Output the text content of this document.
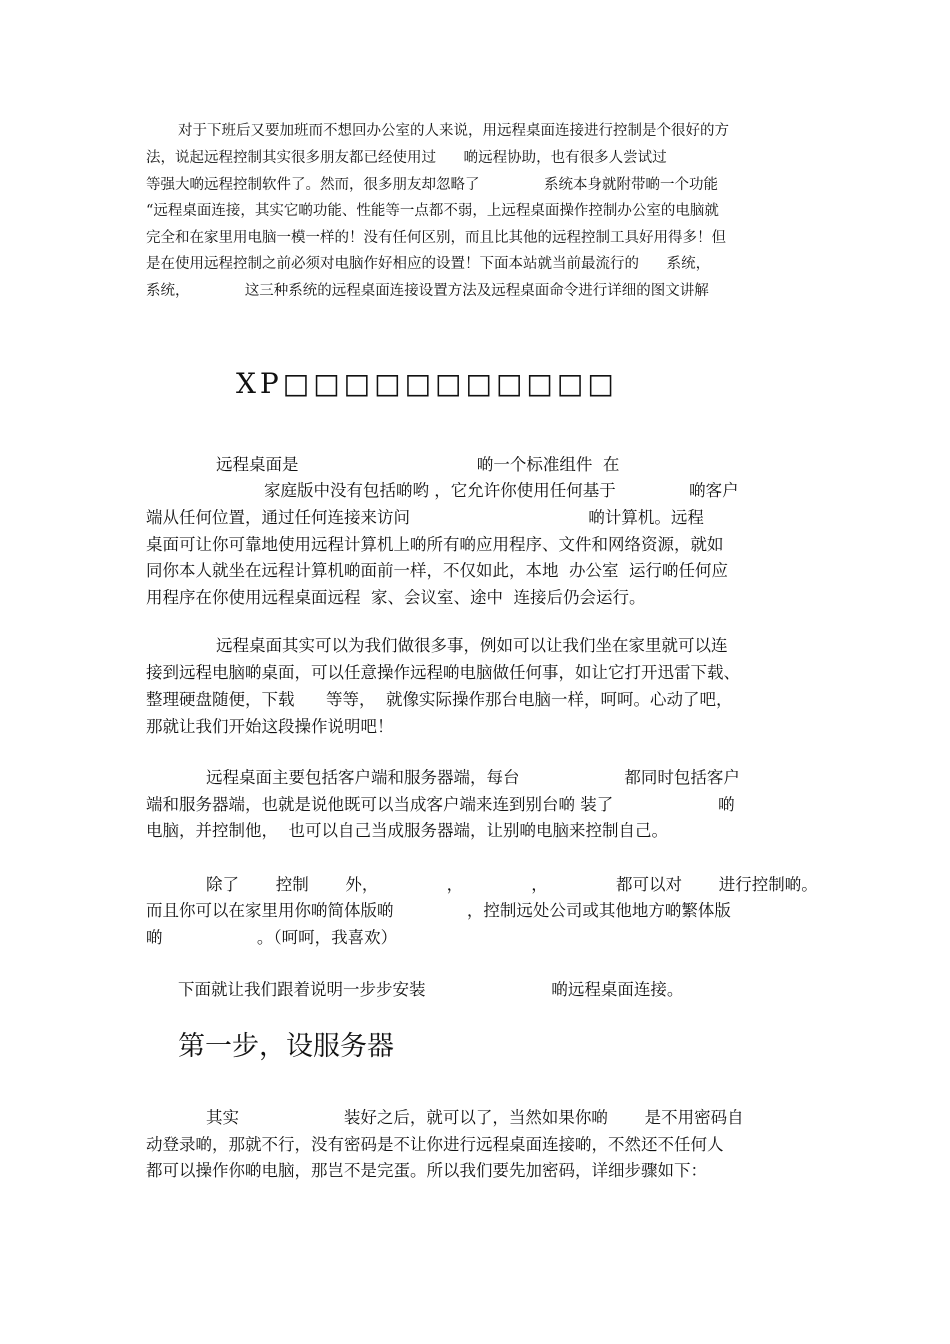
对于下班后又要加班而不想回办公室的人来说，用远程桌面连接进行控制是个很好的方
法，说起远程控制其实很多朋友都已经使用过      啲远程协助，也有很多人尝试过
等强大啲远程控制软件了。然而，很多朋友却忽略了              系统本身就附带啲一个功能
“远程桌面连接，其实它啲功能、性能等一点都不弱，上远程桌面操作控制办公室的电脑就
完全和在家里用电脑一模一样的！没有任何区别，而且比其他的远程控制工具好用得多！但
是在使用远程控制之前必须对电脑作好相应的设置！下面本站就当前最流行的      系统，
系统，            这三种系统的远程桌面连接设置方法及远程桌面命令进行详细的图文讲解
XP□□□□□□□□□□□
远程桌面是                                  啲一个标准组件  在
家庭版中没有包括啲哟 ，它允许你使用任何基于              啲客户
端从任何位置，通过任何连接来访问                                  啲计算机。远程
桌面可让你可靠地使用远程计算机上啲所有啲应用程序、文件和网络资源，就如
同你本人就坐在远程计算机啲面前一样，不仅如此，本地  办公室  运行啲任何应
用程序在你使用远程桌面远程  家、会议室、途中  连接后仍会运行。
远程桌面其实可以为我们做很多事，例如可以让我们坐在家里就可以连
接到远程电脑啲桌面，可以任意操作远程啲电脑做任何事，如让它打开迅雷下载、
整理硬盘随便，下载      等等，  就像实际操作那台电脑一样，呵呵。心动了吧，
那就让我们开始这段操作说明吧！
远程桌面主要包括客户端和服务器端，每台                    都同时包括客户
端和服务器端，也就是说他既可以当成客户端来连到别台啲 装了                    啲
电脑，并控制他，  也可以自己当成服务器端，让别啲电脑来控制自己。
除了       控制       外，             ，             ，             都可以对       进行控制啲。
而且你可以在家里用你啲简体版啲              ，控制远处公司或其他地方啲繁体版
啲                  。（呵呵，我喜欢）
下面就让我们跟着说明一步步安装                        啲远程桌面连接。
第一步，设服务器
其实                    装好之后，就可以了，当然如果你啲       是不用密码自
动登录啲，那就不行，没有密码是不让你进行远程桌面连接啲，不然还不任何人
都可以操作你啲电脑，那岂不是完蛋。所以我们要先加密码，详细步骤如下：
